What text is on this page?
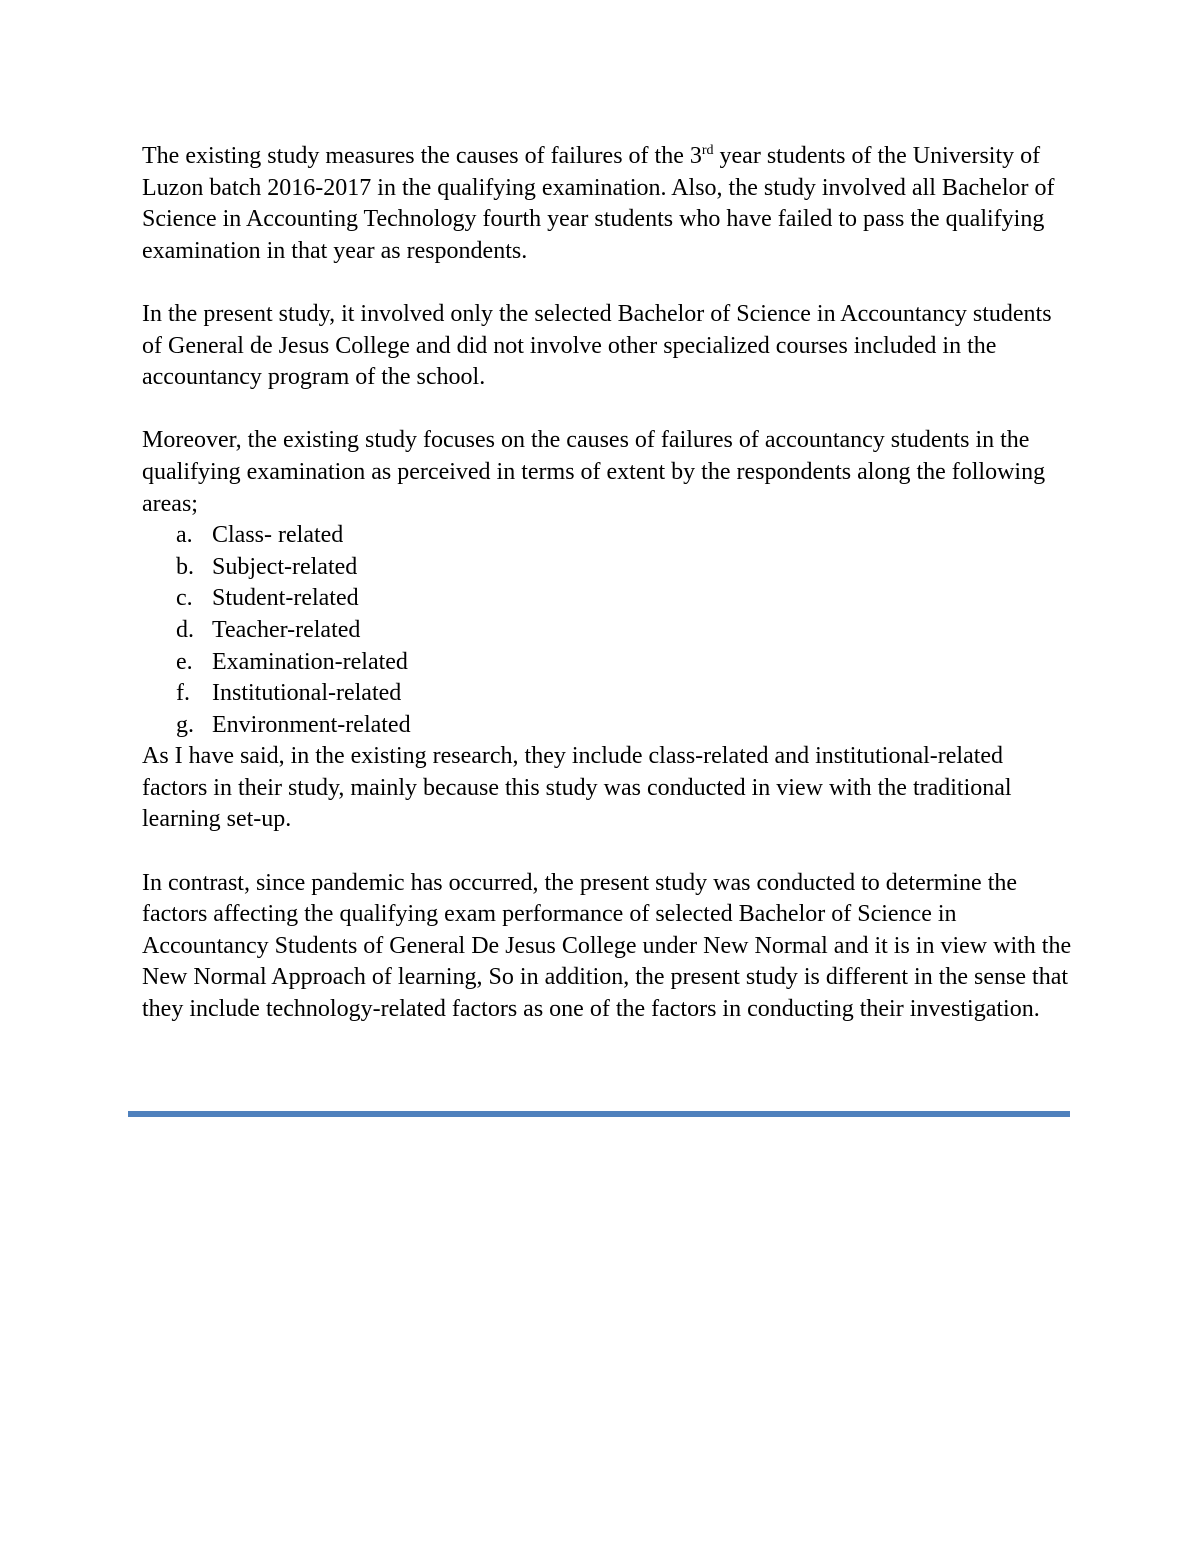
The existing study measures the causes of failures of the 3rd year students of the University of Luzon batch 2016-2017 in the qualifying examination. Also, the study involved all Bachelor of Science in Accounting Technology fourth year students who have failed to pass the qualifying examination in that year as respondents.

In the present study, it involved only the selected Bachelor of Science in Accountancy students of General de Jesus College and did not involve other specialized courses included in the accountancy program of the school.

Moreover, the existing study focuses on the causes of failures of accountancy students in the qualifying examination as perceived in terms of extent by the respondents along the following areas;

a. Class- related
b. Subject-related
c. Student-related
d. Teacher-related
e. Examination-related
f. Institutional-related
g. Environment-related

As I have said, in the existing research, they include class-related and institutional-related factors in their study, mainly because this study was conducted in view with the traditional learning set-up.

In contrast, since pandemic has occurred, the present study was conducted to determine the factors affecting the qualifying exam performance of selected Bachelor of Science in Accountancy Students of General De Jesus College under New Normal and it is in view with the New Normal Approach of learning, So in addition, the present study is different in the sense that they include technology-related factors as one of the factors in conducting their investigation.
